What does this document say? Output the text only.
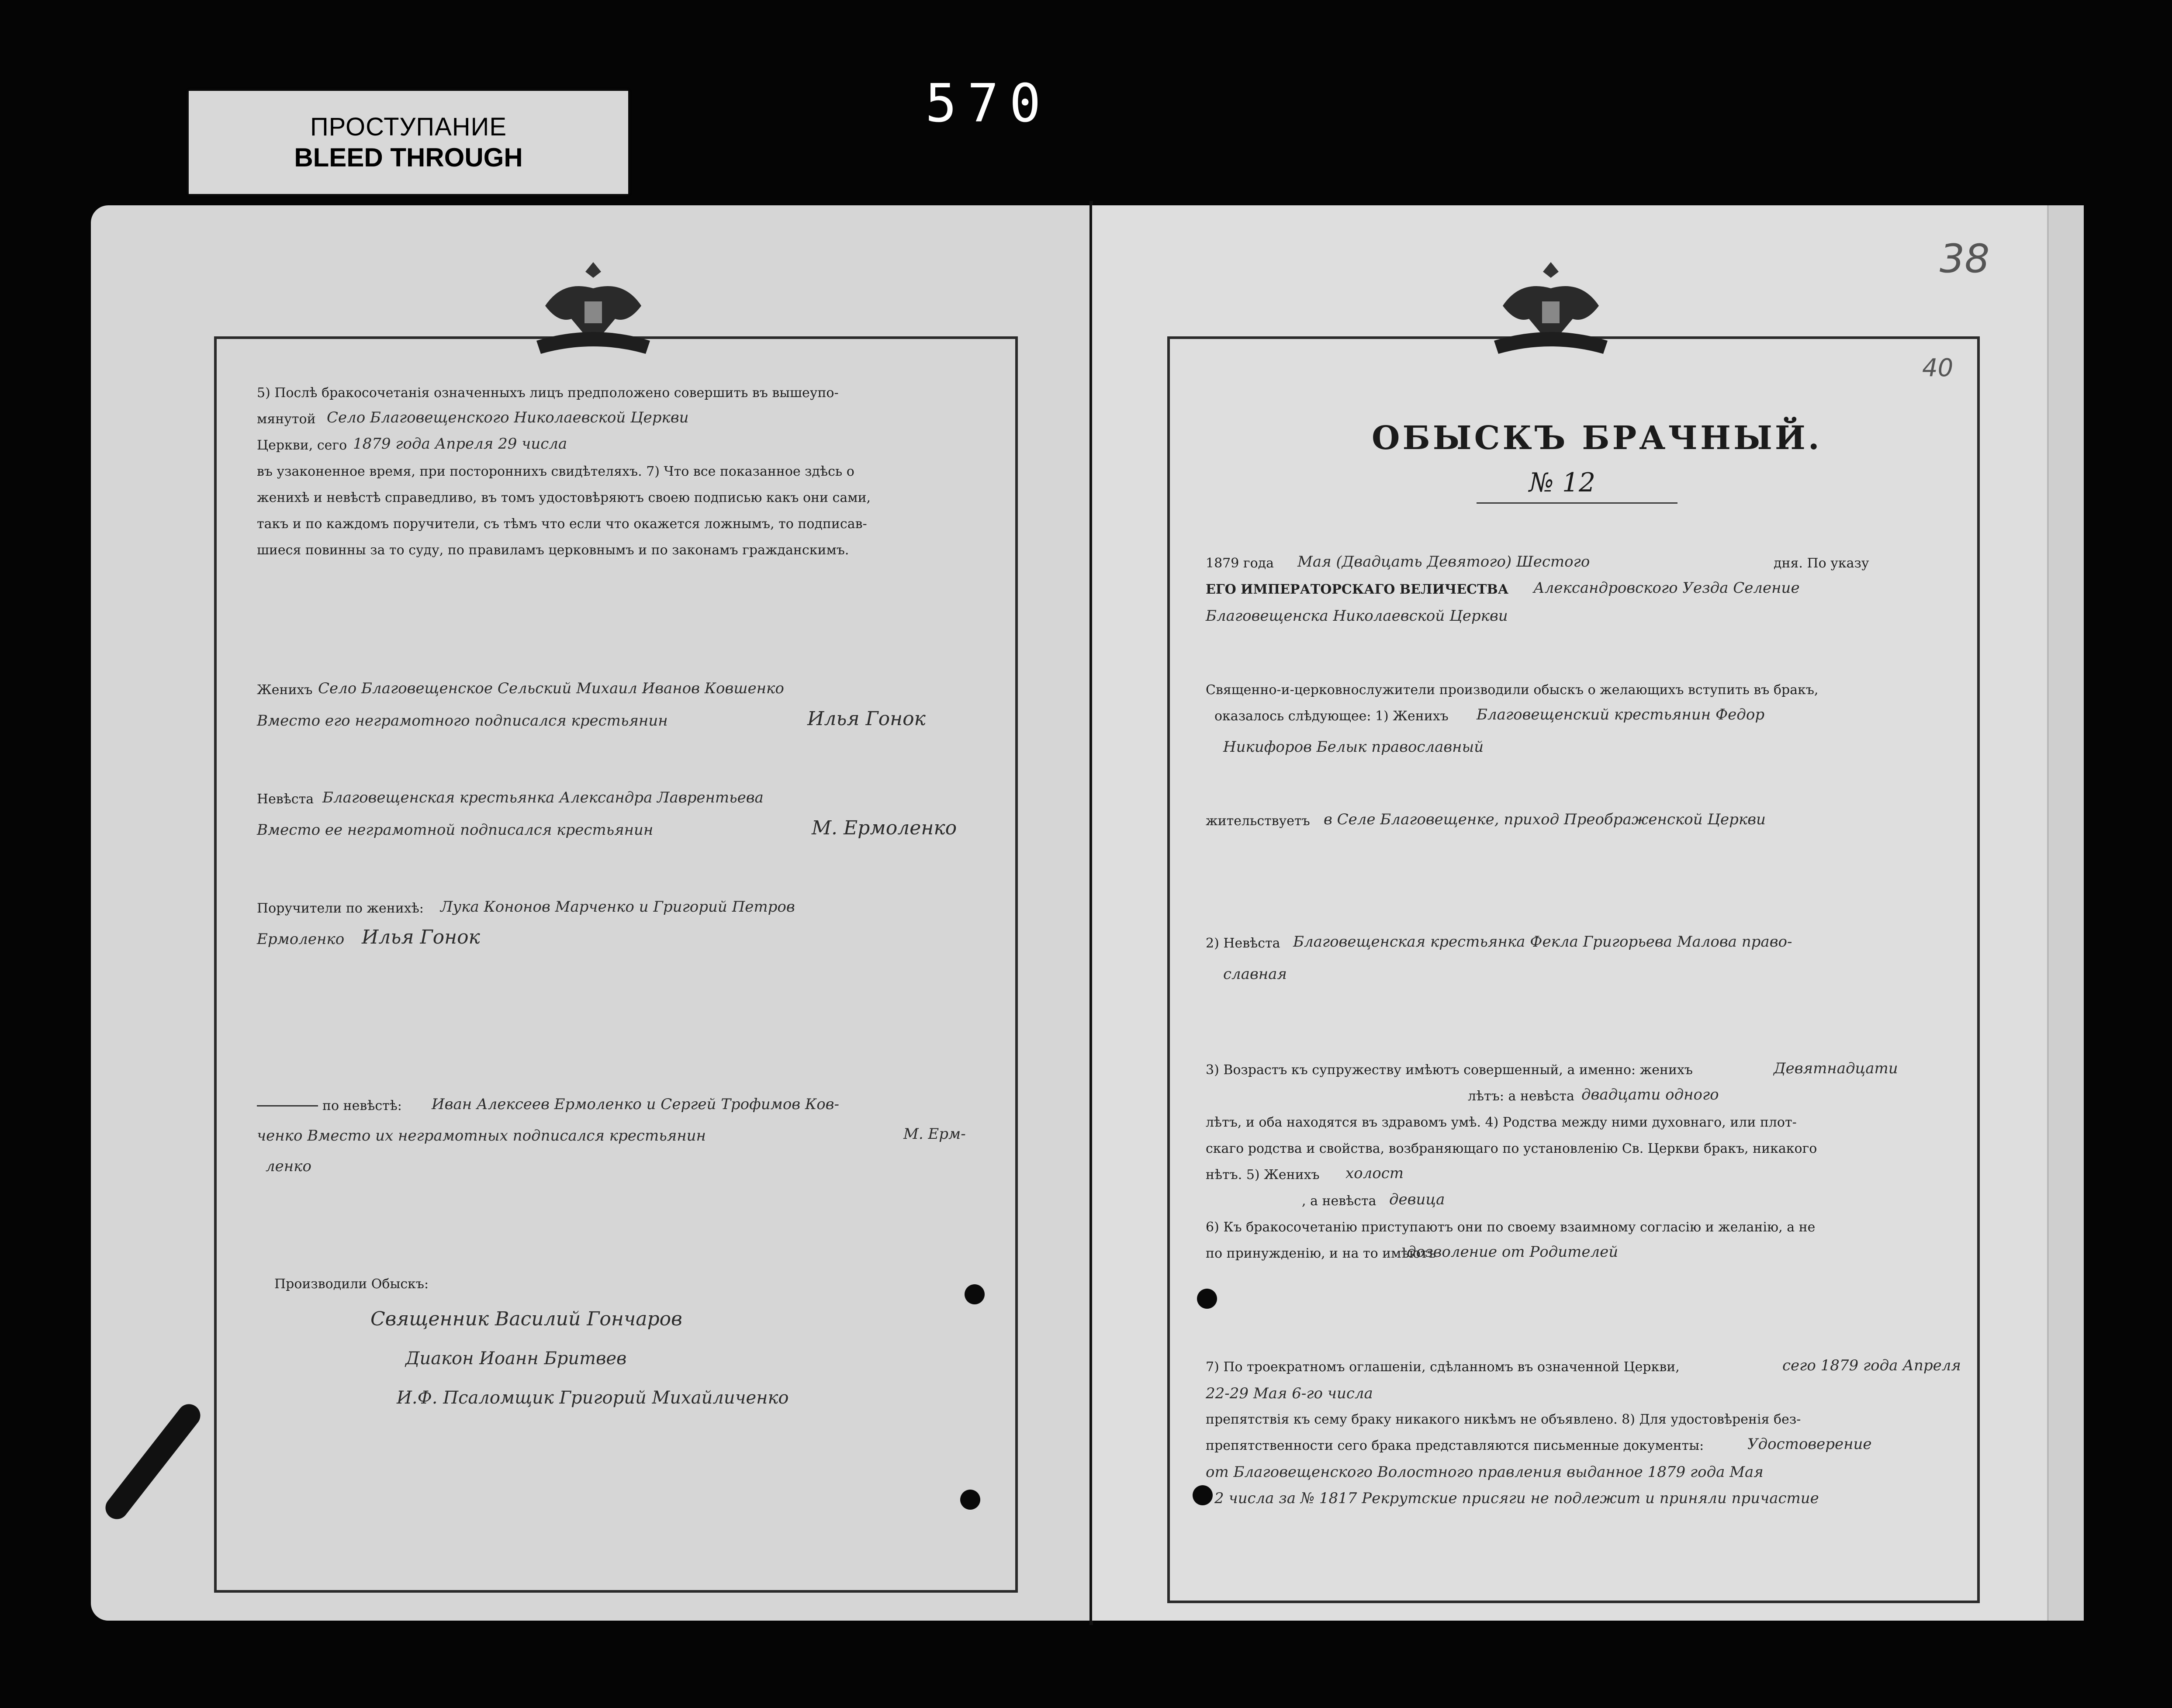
ПРОСТУПАНИЕ
BLEED THROUGH
570
5) Послѣ бракосочетанія означенныхъ лицъ предположено совершить въ вышеупо-
мянутой Село Благовещенского Николаевской Церкви
Церкви, сего 1879 года Апреля 29 числа
въ узаконенное время, при постороннихъ свидѣтеляхъ. 7) Что все показанное здѣсь о
женихѣ и невѣстѣ справедливо, въ томъ удостовѣряютъ своею подписью какъ они сами,
такъ и по каждомъ поручители, съ тѣмъ что если что окажется ложнымъ, то подписав-
шиеся повинны за то суду, по правиламъ церковнымъ и по законамъ гражданскимъ.
Женихъ Село Благовещенское Сельский Михаил Иванов Ковшенко
Вместо его неграмотного подписался крестьянин	Илья Гонок
Невѣста Благовещенская крестьянка Александра Лаврентьева
Вместо ее неграмотной подписался крестьянин	М. Ермоленко
Поручители по женихѣ: Лука Кононов Марченко и Григорий Петров
Ермоленко Илья Гонок
по невѣстѣ: Иван Алексеев Ермоленко и Сергей Трофимов Ков-
ченко Вместо их неграмотных подписался крестьянин	М. Ерм-
ленко
Производили Обыскъ:
Священник Василий Гончаров
Диакон Иоанн Бритвев
И.Ф. Псаломщик Григорий Михайличенко
38
40
ОБЫСКЪ БРАЧНЫЙ.
№ 12
1879 года Мая (Двадцать Девятого) Шестого	дня. По указу
ЕГО ИМПЕРАТОРСКАГО ВЕЛИЧЕСТВА Александровского Уезда Селение
Благовещенска Николаевской Церкви
Священно-и-церковнослужители производили обыскъ о желающихъ вступить въ бракъ,
оказалось слѣдующее: 1) Женихъ Благовещенский крестьянин Федор
Никифоров Белык православный
жительствуетъ в Селе Благовещенке, приход Преображенской Церкви
2) Невѣста Благовещенская крестьянка Фекла Григорьева Малова право-
славная
3) Возрастъ къ супружеству имѣютъ совершенный, а именно: женихъ	Девятнадцати
лѣтъ: а невѣста двадцати одного
лѣтъ, и оба находятся въ здравомъ умѣ. 4) Родства между ними духовнаго, или плот-
скаго родства и свойства, возбраняющаго по установленію Св. Церкви бракъ, никакого
нѣтъ. 5) Женихъ холост
, а невѣста девица
6) Къ бракосочетанію приступаютъ они по своему взаимному согласію и желанію, а не
по принужденію, и на то имѣютъ
дозволение от Родителей
7) По троекратномъ оглашеніи, сдѣланномъ въ означенной Церкви,	сего 1879 года Апреля
22-29 Мая 6-го числа
препятствія къ сему браку никакого никѣмъ не объявлено. 8) Для удостовѣренія без-
препятственности сего брака представляются письменные документы:	Удостоверение
от Благовещенского Волостного правления выданное 1879 года Мая
2 числа за № 1817 Рекрутские присяги не подлежит и приняли причастие
